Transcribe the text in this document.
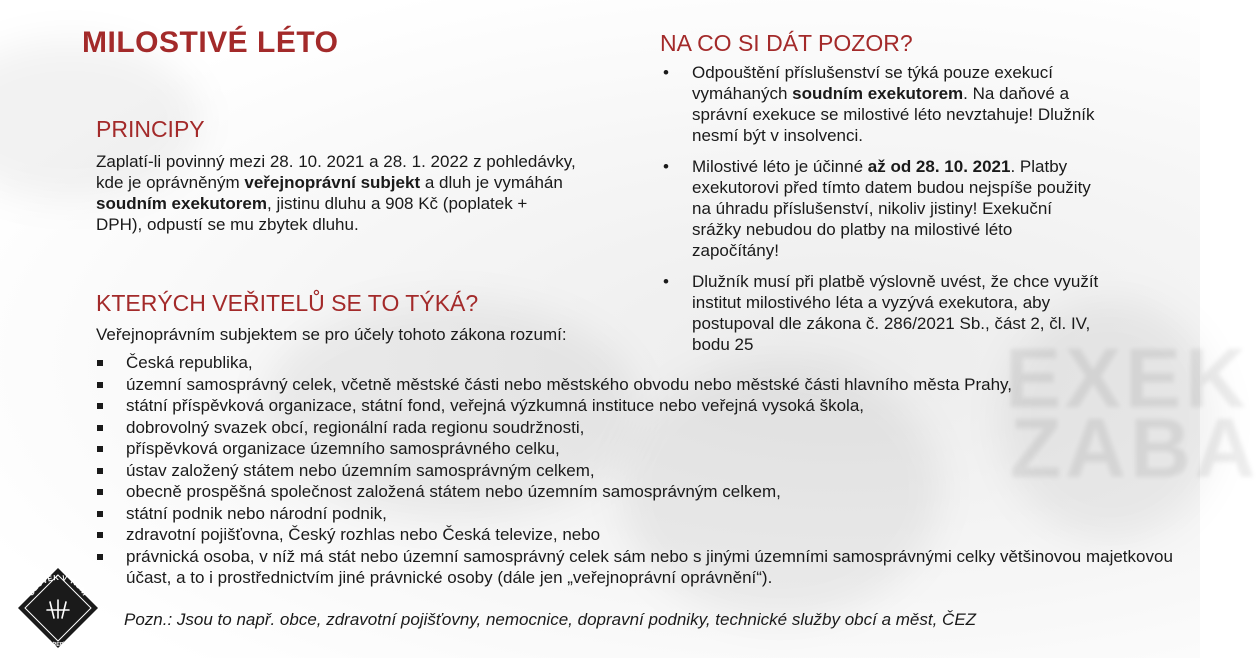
EXEK
ZABA
MILOSTIVÉ LÉTO
PRINCIPY
Zaplatí-li povinný mezi 28. 10. 2021 a 28. 1. 2022 z pohledávky, kde je oprávněným veřejnoprávní subjekt a dluh je vymáhán soudním exekutorem, jistinu dluhu a 908 Kč (poplatek + DPH), odpustí se mu zbytek dluhu.
KTERÝCH VEŘITELŮ SE TO TÝKÁ?
Veřejnoprávním subjektem se pro účely tohoto zákona rozumí:
Česká republika,
územní samosprávný celek, včetně městské části nebo městského obvodu nebo městské části hlavního města Prahy,
státní příspěvková organizace, státní fond, veřejná výzkumná instituce nebo veřejná vysoká škola,
dobrovolný svazek obcí, regionální rada regionu soudržnosti,
příspěvková organizace územního samosprávného celku,
ústav založený státem nebo územním samosprávným celkem,
obecně prospěšná společnost založená státem nebo územním samosprávným celkem,
státní podnik nebo národní podnik,
zdravotní pojišťovna, Český rozhlas nebo Česká televize, nebo
právnická osoba, v níž má stát nebo územní samosprávný celek sám nebo s jinými územními samosprávnými celky většinovou majetkovou účast, a to i prostřednictvím jiné právnické osoby (dále jen „veřejnoprávní oprávnění“).
NA CO SI DÁT POZOR?
• Odpouštění příslušenství se týká pouze exekucí vymáhaných soudním exekutorem. Na daňové a správní exekuce se milostivé léto nevztahuje! Dlužník nesmí být v insolvenci.
• Milostivé léto je účinné až od 28. 10. 2021. Platby exekutorovi před tímto datem budou nejspíše použity na úhradu příslušenství, nikoliv jistiny! Exekuční srážky nebudou do platby na milostivé léto započítány!
• Dlužník musí při platbě výslovně uvést, že chce využít institut milostivého léta a vyzývá exekutora, aby postupoval dle zákona č. 286/2021 Sb., část 2, čl. IV, bodu 25
Pozn.: Jsou to např. obce, zdravotní pojišťovny, nemocnice, dopravní podniky, technické služby obcí a měst, ČEZ
ČLOVĚK V TÍSNI
ČESKÁ REPUBLIKA
